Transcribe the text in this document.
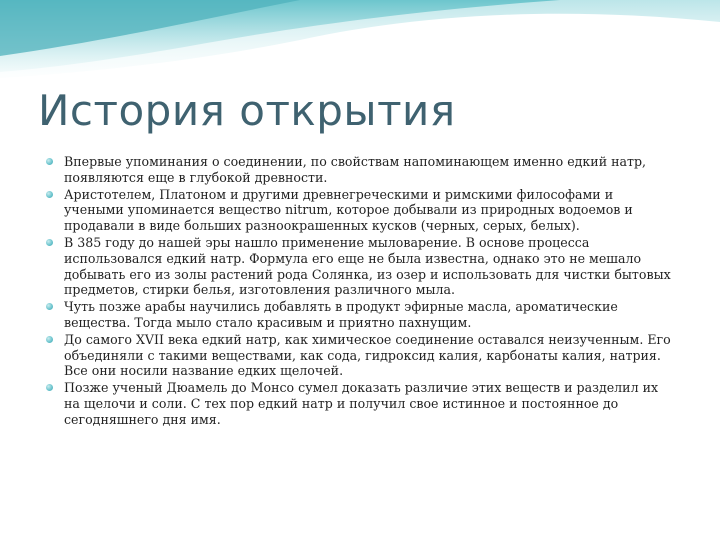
История открытия
Впервые упоминания о соединении, по свойствам напоминающем именно едкий натр, появляются еще в глубокой древности.
Аристотелем, Платоном и другими древнегреческими и римскими философами и учеными упоминается вещество nitrum, которое добывали из природных водоемов и продавали в виде больших разноокрашенных кусков (черных, серых, белых).
В 385 году до нашей эры нашло применение мыловарение. В основе процесса использовался едкий натр. Формула его еще не была известна, однако это не мешало добывать его из золы растений рода Солянка, из озер и использовать для чистки бытовых предметов, стирки белья, изготовления различного мыла.
Чуть позже арабы научились добавлять в продукт эфирные масла, ароматические вещества. Тогда мыло стало красивым и приятно пахнущим.
До самого XVII века едкий натр, как химическое соединение оставался неизученным. Его объединяли с такими веществами, как сода, гидроксид калия, карбонаты калия, натрия. Все они носили название едких щелочей.
Позже ученый Дюамель до Монсо сумел доказать различие этих веществ и разделил их на щелочи и соли. С тех пор едкий натр и получил свое истинное и постоянное до сегодняшнего дня имя.
